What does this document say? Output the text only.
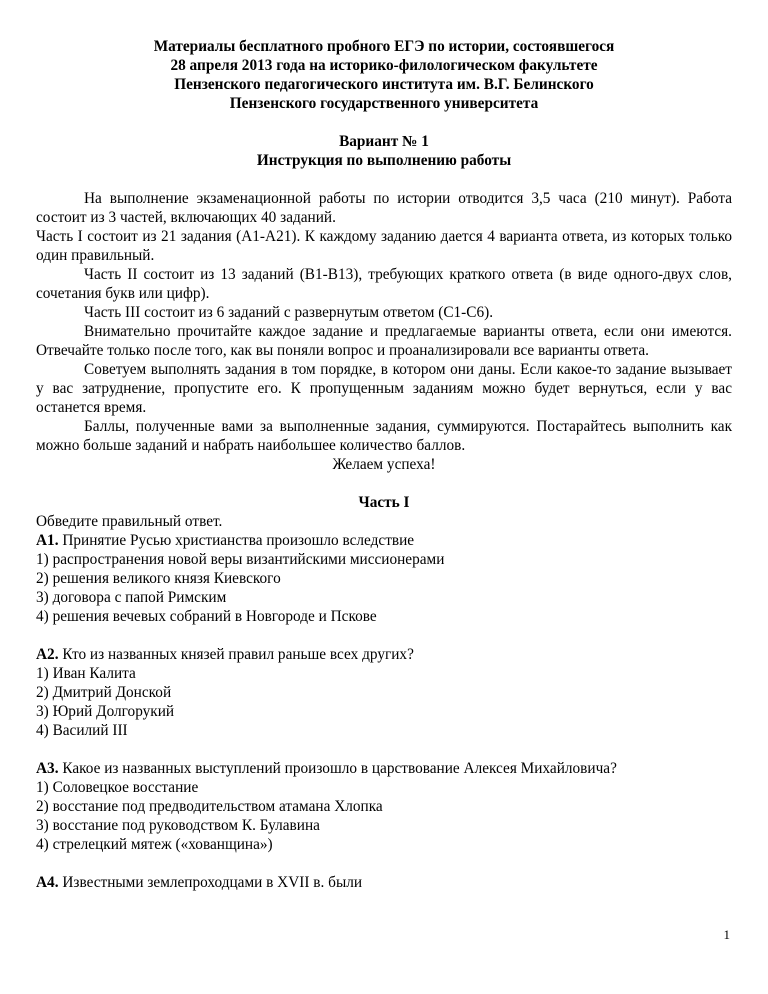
Материалы бесплатного пробного ЕГЭ по истории, состоявшегося
28 апреля 2013 года на историко-филологическом факультете
Пензенского педагогического института им. В.Г. Белинского
Пензенского государственного университета
Вариант № 1
Инструкция по выполнению работы

На выполнение экзаменационной работы по истории отводится 3,5 часа (210 минут). Работа состоит из 3 частей, включающих 40 заданий.

Часть I состоит из 21 задания (А1-А21). К каждому заданию дается 4 варианта ответа, из которых только один правильный.

Часть II состоит из 13 заданий (В1-В13), требующих краткого ответа (в виде одного-двух слов, сочетания букв или цифр).

Часть III состоит из 6 заданий с развернутым ответом (С1-С6).

Внимательно прочитайте каждое задание и предлагаемые варианты ответа, если они имеются. Отвечайте только после того, как вы поняли вопрос и проанализировали все варианты ответа.

Советуем выполнять задания в том порядке, в котором они даны. Если какое-то задание вызывает у вас затруднение, пропустите его. К пропущенным заданиям можно будет вернуться, если у вас останется время.

Баллы, полученные вами за выполненные задания, суммируются. Постарайтесь выполнить как можно больше заданий и набрать наибольшее количество баллов.

Желаем успеха!

Часть I

Обведите правильный ответ.

А1. Принятие Русью христианства произошло вследствие

1) распространения новой веры византийскими миссионерами

2) решения великого князя Киевского

3) договора с папой Римским

4) решения вечевых собраний в Новгороде и Пскове

А2. Кто из названных князей правил раньше всех других?

1) Иван Калита

2) Дмитрий Донской

3) Юрий Долгорукий

4) Василий III

А3. Какое из названных выступлений произошло в царствование Алексея Михайловича?

1) Соловецкое восстание

2) восстание под предводительством атамана Хлопка

3) восстание под руководством К. Булавина

4) стрелецкий мятеж («хованщина»)

А4. Известными землепроходцами в XVII в. были

1
